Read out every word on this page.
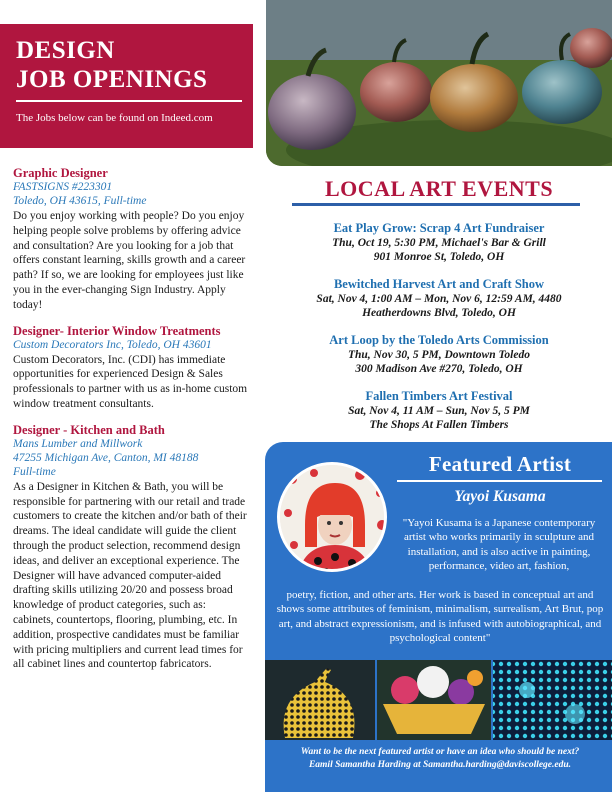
DESIGN
JOB OPENINGS
The Jobs below can be found on Indeed.com
Graphic Designer
FASTSIGNS #223301
Toledo, OH 43615, Full-time
Do you enjoy working with people? Do you enjoy helping people solve problems by offering advice and consultation? Are you looking for a job that offers constant learning, skills growth and a career path? If so, we are looking for employees just like you in the ever-changing Sign Industry. Apply today!
Designer- Interior Window Treatments
Custom Decorators Inc, Toledo, OH 43601
Custom Decorators, Inc. (CDI) has immediate opportunities for experienced Design & Sales professionals to partner with us as in-home custom window treatment consultants.
Designer - Kitchen and Bath
Mans Lumber and Millwork
47255 Michigan Ave, Canton, MI 48188
Full-time
As a Designer in Kitchen & Bath, you will be responsible for partnering with our retail and trade customers to create the kitchen and/or bath of their dreams. The ideal candidate will guide the client through the product selection, recommend design ideas, and deliver an exceptional experience. The Designer will have advanced computer-aided drafting skills utilizing 20/20 and possess broad knowledge of product categories, such as: cabinets, countertops, flooring, plumbing, etc. In addition, prospective candidates must be familiar with pricing multipliers and current lead times for all cabinet lines and countertop fabricators.
LOCAL ART EVENTS
Eat Play Grow: Scrap 4 Art Fundraiser
Thu, Oct 19, 5:30 PM, Michael's Bar & Grill
901 Monroe St, Toledo, OH
Bewitched Harvest Art and Craft Show
Sat, Nov 4, 1:00 AM – Mon, Nov 6, 12:59 AM, 4480
Heatherdowns Blvd, Toledo, OH
Art Loop by the Toledo Arts Commission
Thu, Nov 30, 5 PM, Downtown Toledo
300 Madison Ave #270, Toledo, OH
Fallen Timbers Art Festival
Sat, Nov 4, 11 AM – Sun, Nov 5, 5 PM
The Shops At Fallen Timbers
Featured Artist
Yayoi Kusama
"Yayoi Kusama is a Japanese contemporary artist who works primarily in sculpture and installation, and is also active in painting, performance, video art, fashion,
poetry, fiction, and other arts. Her work is based in conceptual art and shows some attributes of feminism, minimalism, surrealism, Art Brut, pop art, and abstract expressionism, and is infused with autobiographical, and psychological content"
Want to be the next featured artist or have an idea who should be next?
Eamil Samantha Harding at Samantha.harding@daviscollege.edu.
